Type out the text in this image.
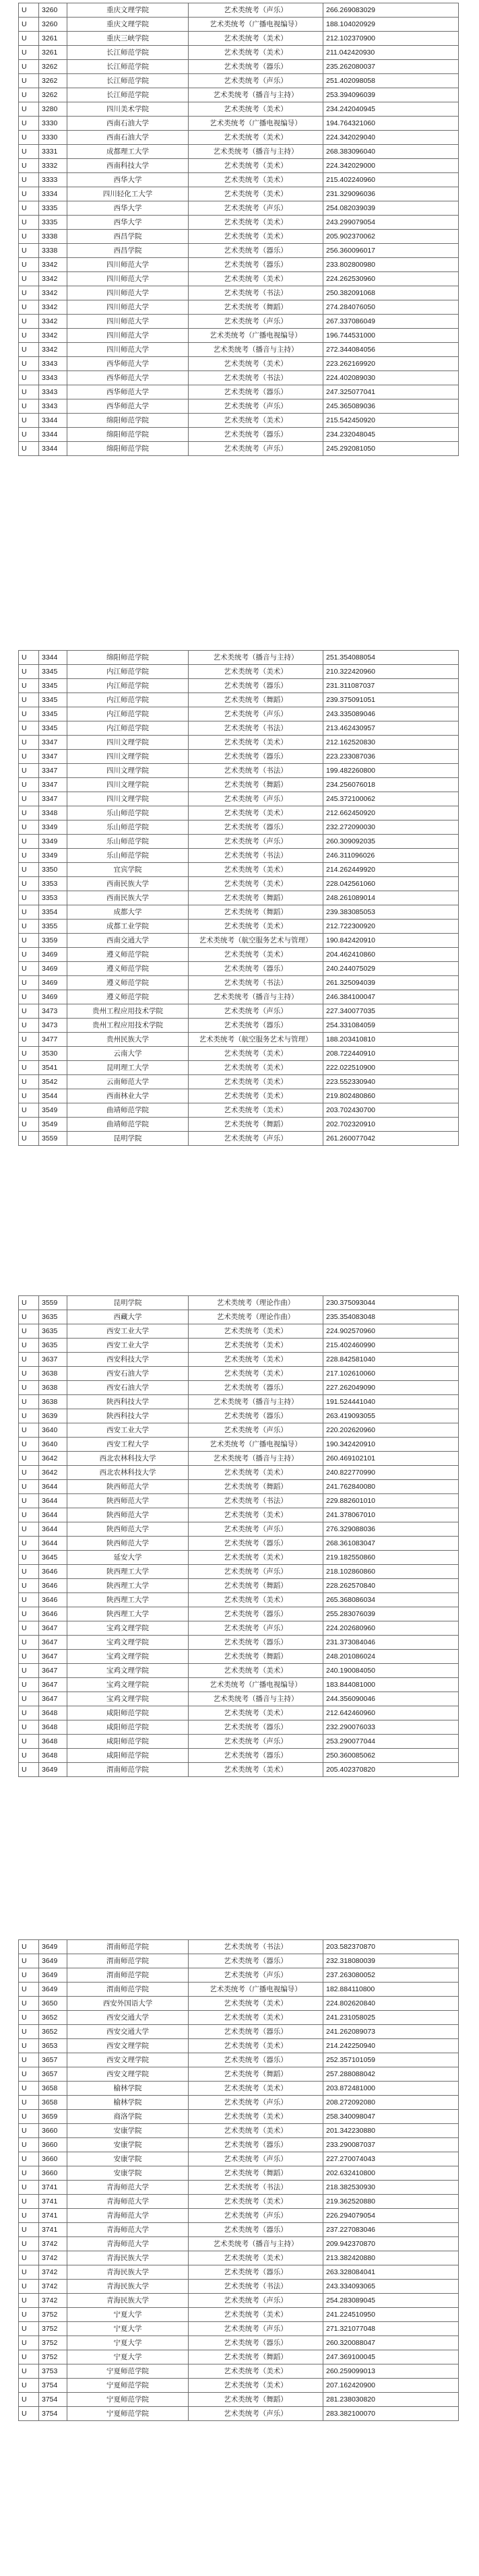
U	3260	重庆文理学院	艺术类统考（声乐）	266.269083029
U	3260	重庆文理学院	艺术类统考（广播电视编导）	188.104020929
U	3261	重庆三峡学院	艺术类统考（美术）	212.102370900
U	3261	长江师范学院	艺术类统考（美术）	211.042420930
U	3262	长江师范学院	艺术类统考（器乐）	235.262080037
U	3262	长江师范学院	艺术类统考（声乐）	251.402098058
U	3262	长江师范学院	艺术类统考（播音与主持）	253.394096039
U	3280	四川美术学院	艺术类统考（美术）	234.242040945
U	3330	西南石油大学	艺术类统考（广播电视编导）	194.764321060
U	3330	西南石油大学	艺术类统考（美术）	224.342029040
U	3331	成都理工大学	艺术类统考（播音与主持）	268.383096040
U	3332	西南科技大学	艺术类统考（美术）	224.342029000
U	3333	西华大学	艺术类统考（美术）	215.402240960
U	3334	四川轻化工大学	艺术类统考（美术）	231.329096036
U	3335	西华大学	艺术类统考（声乐）	254.082039039
U	3335	西华大学	艺术类统考（美术）	243.299079054
U	3338	西昌学院	艺术类统考（美术）	205.902370062
U	3338	西昌学院	艺术类统考（器乐）	256.360096017
U	3342	四川师范大学	艺术类统考（器乐）	233.802800980
U	3342	四川师范大学	艺术类统考（美术）	224.262530960
U	3342	四川师范大学	艺术类统考（书法）	250.382091068
U	3342	四川师范大学	艺术类统考（舞蹈）	274.284076050
U	3342	四川师范大学	艺术类统考（声乐）	267.337086049
U	3342	四川师范大学	艺术类统考（广播电视编导）	196.744531000
U	3342	四川师范大学	艺术类统考（播音与主持）	272.344084056
U	3343	西华师范大学	艺术类统考（美术）	223.262169920
U	3343	西华师范大学	艺术类统考（书法）	224.402089030
U	3343	西华师范大学	艺术类统考（器乐）	247.325077041
U	3343	西华师范大学	艺术类统考（声乐）	245.365089036
U	3344	绵阳师范学院	艺术类统考（美术）	215.542450920
U	3344	绵阳师范学院	艺术类统考（器乐）	234.232048045
U	3344	绵阳师范学院	艺术类统考（声乐）	245.292081050
U	3344	绵阳师范学院	艺术类统考（播音与主持）	251.354088054
U	3345	内江师范学院	艺术类统考（美术）	210.322420960
U	3345	内江师范学院	艺术类统考（器乐）	231.311087037
U	3345	内江师范学院	艺术类统考（舞蹈）	239.375091051
U	3345	内江师范学院	艺术类统考（声乐）	243.335089046
U	3345	内江师范学院	艺术类统考（书法）	213.462430957
U	3347	四川文理学院	艺术类统考（美术）	212.162520830
U	3347	四川文理学院	艺术类统考（器乐）	223.233087036
U	3347	四川文理学院	艺术类统考（书法）	199.482260800
U	3347	四川文理学院	艺术类统考（舞蹈）	234.256076018
U	3347	四川文理学院	艺术类统考（声乐）	245.372100062
U	3348	乐山师范学院	艺术类统考（美术）	212.662450920
U	3349	乐山师范学院	艺术类统考（器乐）	232.272090030
U	3349	乐山师范学院	艺术类统考（声乐）	260.309092035
U	3349	乐山师范学院	艺术类统考（书法）	246.311096026
U	3350	宜宾学院	艺术类统考（美术）	214.262449920
U	3353	西南民族大学	艺术类统考（美术）	228.042561060
U	3353	西南民族大学	艺术类统考（舞蹈）	248.261089014
U	3354	成都大学	艺术类统考（舞蹈）	239.383085053
U	3355	成都工业学院	艺术类统考（美术）	212.722300920
U	3359	西南交通大学	艺术类统考（航空服务艺术与管理）	190.842420910
U	3469	遵义师范学院	艺术类统考（美术）	204.462410860
U	3469	遵义师范学院	艺术类统考（器乐）	240.244075029
U	3469	遵义师范学院	艺术类统考（书法）	261.325094039
U	3469	遵义师范学院	艺术类统考（播音与主持）	246.384100047
U	3473	贵州工程应用技术学院	艺术类统考（声乐）	227.340077035
U	3473	贵州工程应用技术学院	艺术类统考（器乐）	254.331084059
U	3477	贵州民族大学	艺术类统考（航空服务艺术与管理）	188.203410810
U	3530	云南大学	艺术类统考（美术）	208.722440910
U	3541	昆明理工大学	艺术类统考（美术）	222.022510900
U	3542	云南师范大学	艺术类统考（美术）	223.552330940
U	3544	西南林业大学	艺术类统考（美术）	219.802480860
U	3549	曲靖师范学院	艺术类统考（美术）	203.702430700
U	3549	曲靖师范学院	艺术类统考（舞蹈）	202.702320910
U	3559	昆明学院	艺术类统考（声乐）	261.260077042
U	3559	昆明学院	艺术类统考（理论作曲）	230.375093044
U	3635	西藏大学	艺术类统考（理论作曲）	235.354083048
U	3635	西安工业大学	艺术类统考（美术）	224.902570960
U	3635	西安工业大学	艺术类统考（美术）	215.402460990
U	3637	西安科技大学	艺术类统考（美术）	228.842581040
U	3638	西安石油大学	艺术类统考（美术）	217.102610060
U	3638	西安石油大学	艺术类统考（器乐）	227.262049090
U	3638	陕西科技大学	艺术类统考（播音与主持）	191.524441040
U	3639	陕西科技大学	艺术类统考（器乐）	263.419093055
U	3640	西安工业大学	艺术类统考（声乐）	220.202620960
U	3640	西安工程大学	艺术类统考（广播电视编导）	190.342420910
U	3642	西北农林科技大学	艺术类统考（播音与主持）	260.469102101
U	3642	西北农林科技大学	艺术类统考（美术）	240.822770990
U	3644	陕西师范大学	艺术类统考（舞蹈）	241.762840080
U	3644	陕西师范大学	艺术类统考（书法）	229.882601010
U	3644	陕西师范大学	艺术类统考（美术）	241.378067010
U	3644	陕西师范大学	艺术类统考（声乐）	276.329088036
U	3644	陕西师范大学	艺术类统考（器乐）	268.361083047
U	3645	延安大学	艺术类统考（美术）	219.182550860
U	3646	陕西理工大学	艺术类统考（声乐）	218.102860860
U	3646	陕西理工大学	艺术类统考（舞蹈）	228.262570840
U	3646	陕西理工大学	艺术类统考（美术）	265.368086034
U	3646	陕西理工大学	艺术类统考（器乐）	255.283076039
U	3647	宝鸡文理学院	艺术类统考（声乐）	224.202680960
U	3647	宝鸡文理学院	艺术类统考（器乐）	231.373084046
U	3647	宝鸡文理学院	艺术类统考（舞蹈）	248.201086024
U	3647	宝鸡文理学院	艺术类统考（美术）	240.190084050
U	3647	宝鸡文理学院	艺术类统考（广播电视编导）	183.844081000
U	3647	宝鸡文理学院	艺术类统考（播音与主持）	244.356090046
U	3648	咸阳师范学院	艺术类统考（美术）	212.642460960
U	3648	咸阳师范学院	艺术类统考（器乐）	232.290076033
U	3648	咸阳师范学院	艺术类统考（声乐）	253.290077044
U	3648	咸阳师范学院	艺术类统考（器乐）	250.360085062
U	3649	渭南师范学院	艺术类统考（美术）	205.402370820
U	3649	渭南师范学院	艺术类统考（书法）	203.582370870
U	3649	渭南师范学院	艺术类统考（器乐）	232.318080039
U	3649	渭南师范学院	艺术类统考（声乐）	237.263080052
U	3649	渭南师范学院	艺术类统考（广播电视编导）	182.884110800
U	3650	西安外国语大学	艺术类统考（美术）	224.802620840
U	3652	西安交通大学	艺术类统考（美术）	241.231058025
U	3652	西安交通大学	艺术类统考（器乐）	241.262089073
U	3653	西安文理学院	艺术类统考（美术）	214.242250940
U	3657	西安文理学院	艺术类统考（器乐）	252.357101059
U	3657	西安文理学院	艺术类统考（舞蹈）	257.288088042
U	3658	榆林学院	艺术类统考（美术）	203.872481000
U	3658	榆林学院	艺术类统考（声乐）	208.272092080
U	3659	商洛学院	艺术类统考（美术）	258.340098047
U	3660	安康学院	艺术类统考（美术）	201.342230880
U	3660	安康学院	艺术类统考（器乐）	233.290087037
U	3660	安康学院	艺术类统考（声乐）	227.270074043
U	3660	安康学院	艺术类统考（舞蹈）	202.632410800
U	3741	青海师范大学	艺术类统考（书法）	218.382530930
U	3741	青海师范大学	艺术类统考（美术）	219.362520880
U	3741	青海师范大学	艺术类统考（声乐）	226.294079054
U	3741	青海师范大学	艺术类统考（器乐）	237.227083046
U	3742	青海师范大学	艺术类统考（播音与主持）	209.942370870
U	3742	青海民族大学	艺术类统考（美术）	213.382420880
U	3742	青海民族大学	艺术类统考（器乐）	263.328084041
U	3742	青海民族大学	艺术类统考（书法）	243.334093065
U	3742	青海民族大学	艺术类统考（声乐）	254.283089045
U	3752	宁夏大学	艺术类统考（美术）	241.224510950
U	3752	宁夏大学	艺术类统考（声乐）	271.321077048
U	3752	宁夏大学	艺术类统考（器乐）	260.320088047
U	3752	宁夏大学	艺术类统考（舞蹈）	247.369100045
U	3753	宁夏师范学院	艺术类统考（美术）	260.259099013
U	3754	宁夏师范学院	艺术类统考（美术）	207.162420900
U	3754	宁夏师范学院	艺术类统考（舞蹈）	281.238030820
U	3754	宁夏师范学院	艺术类统考（声乐）	283.382100070
